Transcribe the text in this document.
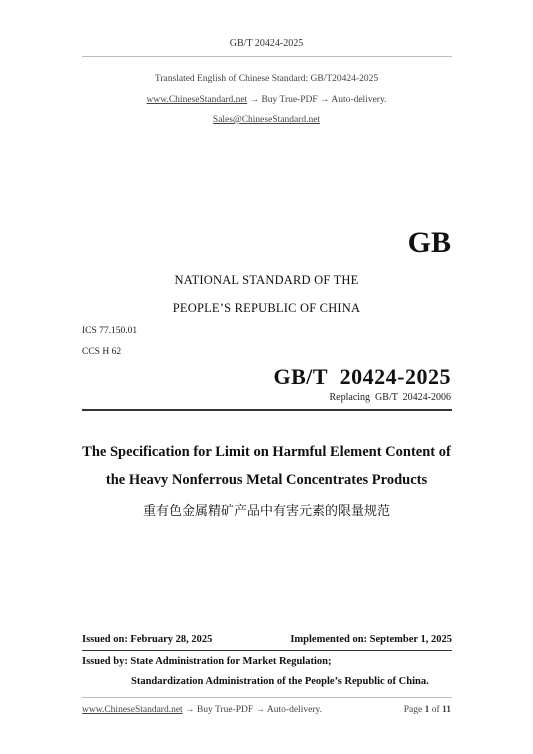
GB/T 20424-2025
Translated English of Chinese Standard: GB/T20424-2025
www.ChineseStandard.net → Buy True-PDF → Auto-delivery.
Sales@ChineseStandard.net
GB
NATIONAL STANDARD OF THE
PEOPLE’S REPUBLIC OF CHINA
ICS 77.150.01
CCS H 62
GB/T  20424-2025
Replacing  GB/T  20424-2006
The Specification for Limit on Harmful Element Content of
the Heavy Nonferrous Metal Concentrates Products
重有色金属精矿产品中有害元素的限量规范
Issued on: February 28, 2025	Implemented on: September 1, 2025
Issued by: State Administration for Market Regulation;
Standardization Administration of the People’s Republic of China.
www.ChineseStandard.net → Buy True-PDF → Auto-delivery.	Page 1 of 11
